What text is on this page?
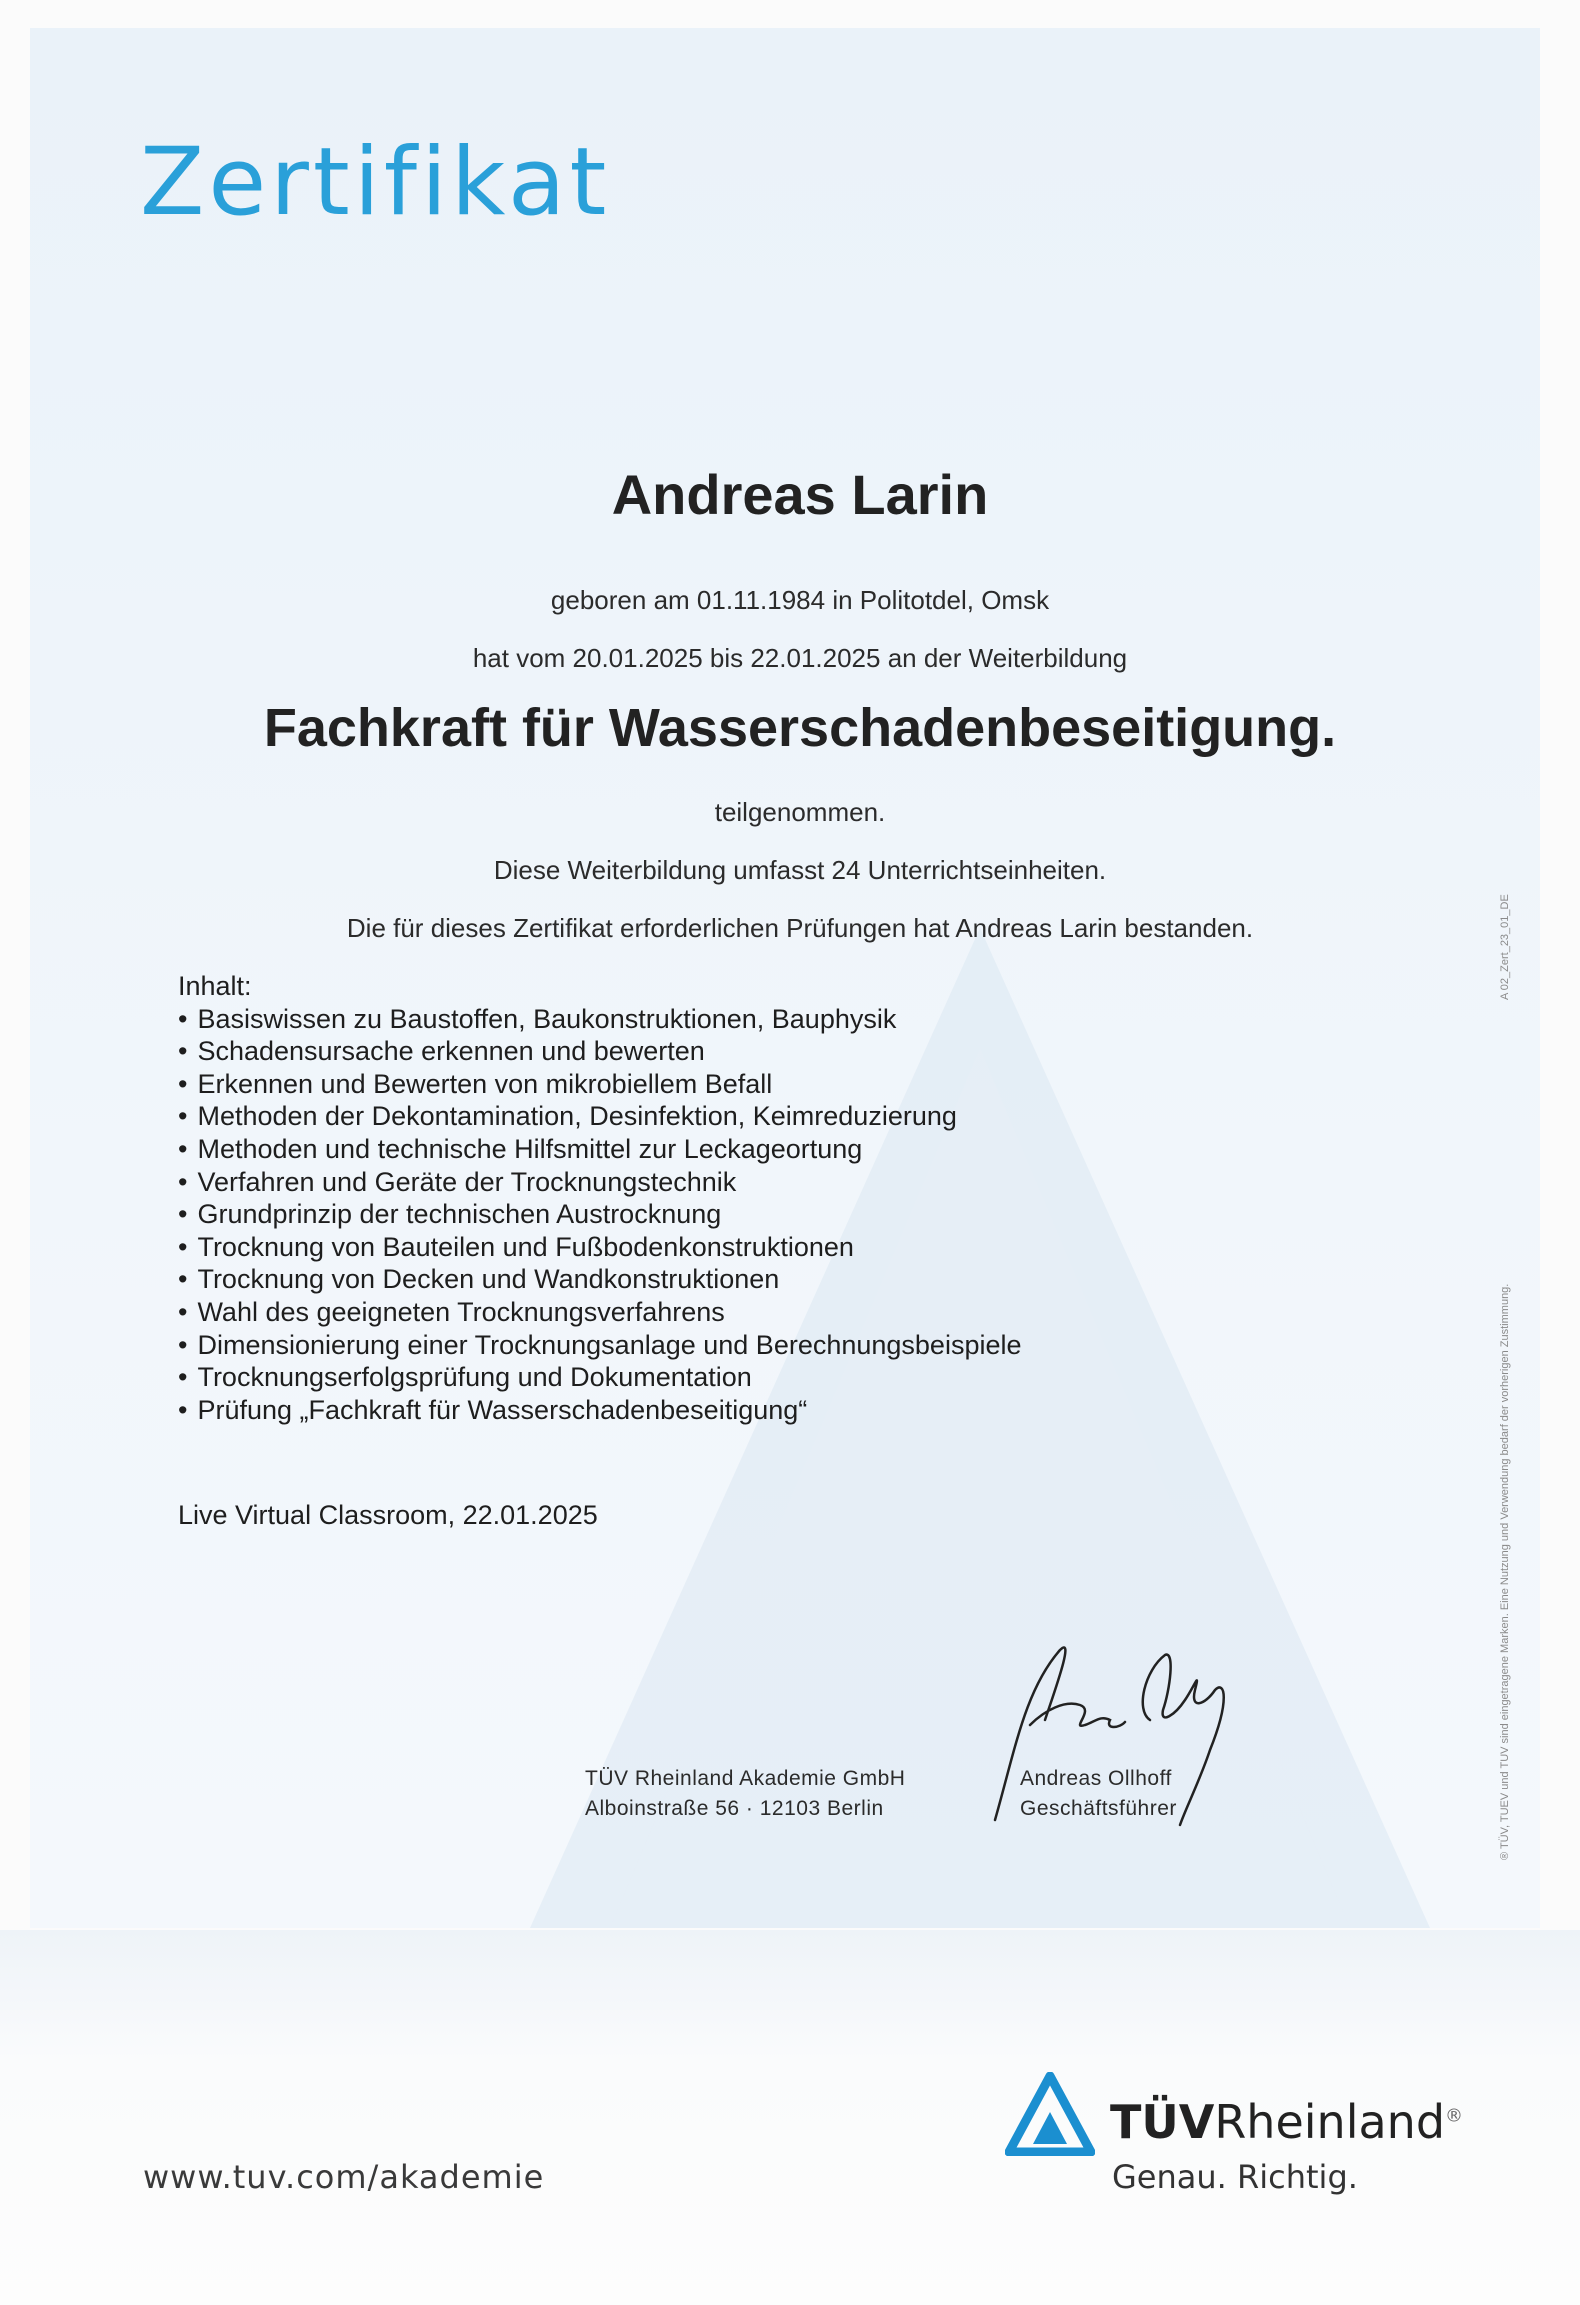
Zertifikat
Andreas Larin
geboren am 01.11.1984 in Politotdel, Omsk
hat vom 20.01.2025 bis 22.01.2025 an der Weiterbildung
Fachkraft für Wasserschadenbeseitigung.
teilgenommen.
Diese Weiterbildung umfasst 24 Unterrichtseinheiten.
Die für dieses Zertifikat erforderlichen Prüfungen hat Andreas Larin bestanden.
Inhalt:
• Basiswissen zu Baustoffen, Baukonstruktionen, Bauphysik
• Schadensursache erkennen und bewerten
• Erkennen und Bewerten von mikrobiellem Befall
• Methoden der Dekontamination, Desinfektion, Keimreduzierung
• Methoden und technische Hilfsmittel zur Leckageortung
• Verfahren und Geräte der Trocknungstechnik
• Grundprinzip der technischen Austrocknung
• Trocknung von Bauteilen und Fußbodenkonstruktionen
• Trocknung von Decken und Wandkonstruktionen
• Wahl des geeigneten Trocknungsverfahrens
• Dimensionierung einer Trocknungsanlage und Berechnungsbeispiele
• Trocknungserfolgsprüfung und Dokumentation
• Prüfung „Fachkraft für Wasserschadenbeseitigung“
Live Virtual Classroom, 22.01.2025
TÜV Rheinland Akademie GmbH
Alboinstraße 56 · 12103 Berlin
Andreas Ollhoff
Geschäftsführer	® TÜV, TUEV und TUV sind eingetragene Marken. Eine Nutzung und Verwendung bedarf der vorherigen Zustimmung.
A 02_Zert_23_01_DE
www.tuv.com/akademie
TÜVRheinland®
Genau. Richtig.
